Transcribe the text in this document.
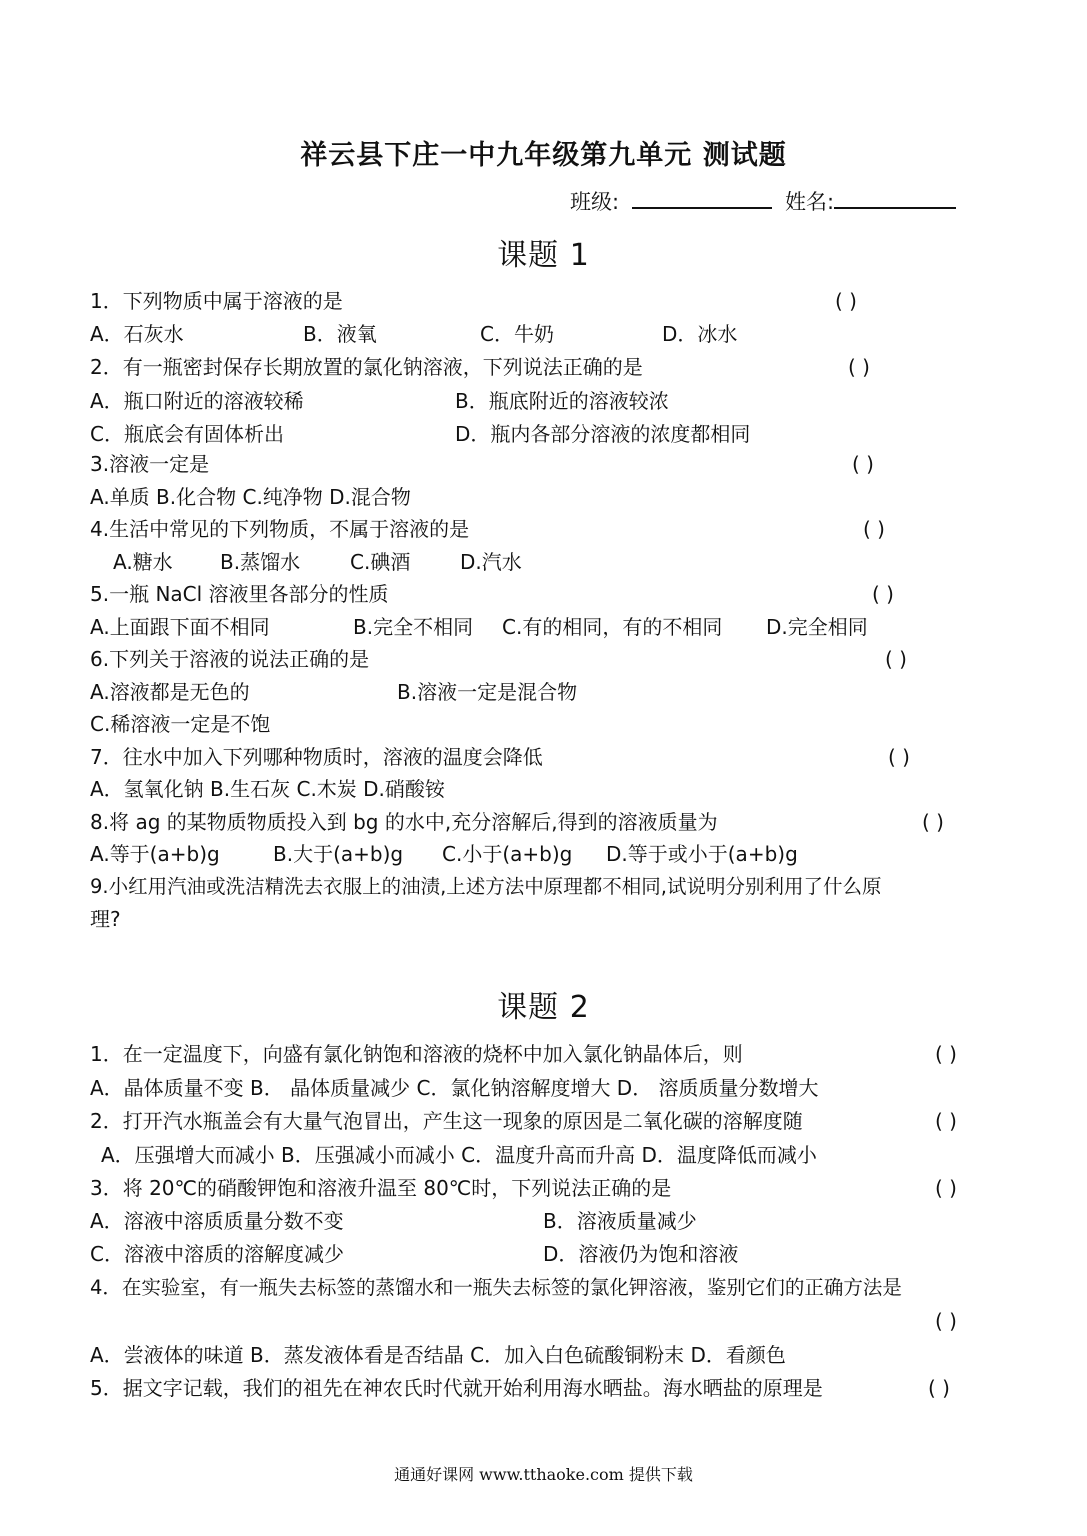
祥云县下庄一中九年级第九单元 测试题
班级:	姓名:
课题 1
1．下列物质中属于溶液的是
A．石灰水	B．液氧	C．牛奶	D．冰水
2．有一瓶密封保存长期放置的氯化钠溶液，下列说法正确的是
A．瓶口附近的溶液较稀	B．瓶底附近的溶液较浓
C．瓶底会有固体析出	D．瓶内各部分溶液的浓度都相同
3.溶液一定是
A.单质 B.化合物 C.纯净物 D.混合物
4.生活中常见的下列物质，不属于溶液的是
A.糖水 B.蒸馏水 C.碘酒 D.汽水
5.一瓶 NaCl 溶液里各部分的性质
A.上面跟下面不相同	B.完全不相同 C.有的相同，有的不相同 D.完全相同
6.下列关于溶液的说法正确的是
A.溶液都是无色的	B.溶液一定是混合物
C.稀溶液一定是不饱
7．往水中加入下列哪种物质时，溶液的温度会降低
A．氢氧化钠 B.生石灰 C.木炭 D.硝酸铵
8.将 ag 的某物质物质投入到 bg 的水中,充分溶解后,得到的溶液质量为
A.等于(a+b)g	B.大于(a+b)g C.小于(a+b)g D.等于或小于(a+b)g
9.小红用汽油或洗洁精洗去衣服上的油渍,上述方法中原理都不相同,试说明分别利用了什么原
理?
( )
( )
( )
( )
( )
( )
( )
( )
课题 2
1．在一定温度下，向盛有氯化钠饱和溶液的烧杯中加入氯化钠晶体后，则
A．晶体质量不变 B． 晶体质量减少 C．氯化钠溶解度增大 D． 溶质质量分数增大
2．打开汽水瓶盖会有大量气泡冒出，产生这一现象的原因是二氧化碳的溶解度随
A．压强增大而减小 B．压强减小而减小 C．温度升高而升高 D．温度降低而减小
3．将 20℃的硝酸钾饱和溶液升温至 80℃时，下列说法正确的是
A．溶液中溶质质量分数不变	B．溶液质量减少
C．溶液中溶质的溶解度减少	D．溶液仍为饱和溶液
4．在实验室，有一瓶失去标签的蒸馏水和一瓶失去标签的氯化钾溶液，鉴别它们的正确方法是
A．尝液体的味道 B．蒸发液体看是否结晶 C．加入白色硫酸铜粉末 D．看颜色
5．据文字记载，我们的祖先在神农氏时代就开始利用海水晒盐。海水晒盐的原理是
( )
( )
( )
( )
( )
通通好课网 www.tthaoke.com 提供下载
